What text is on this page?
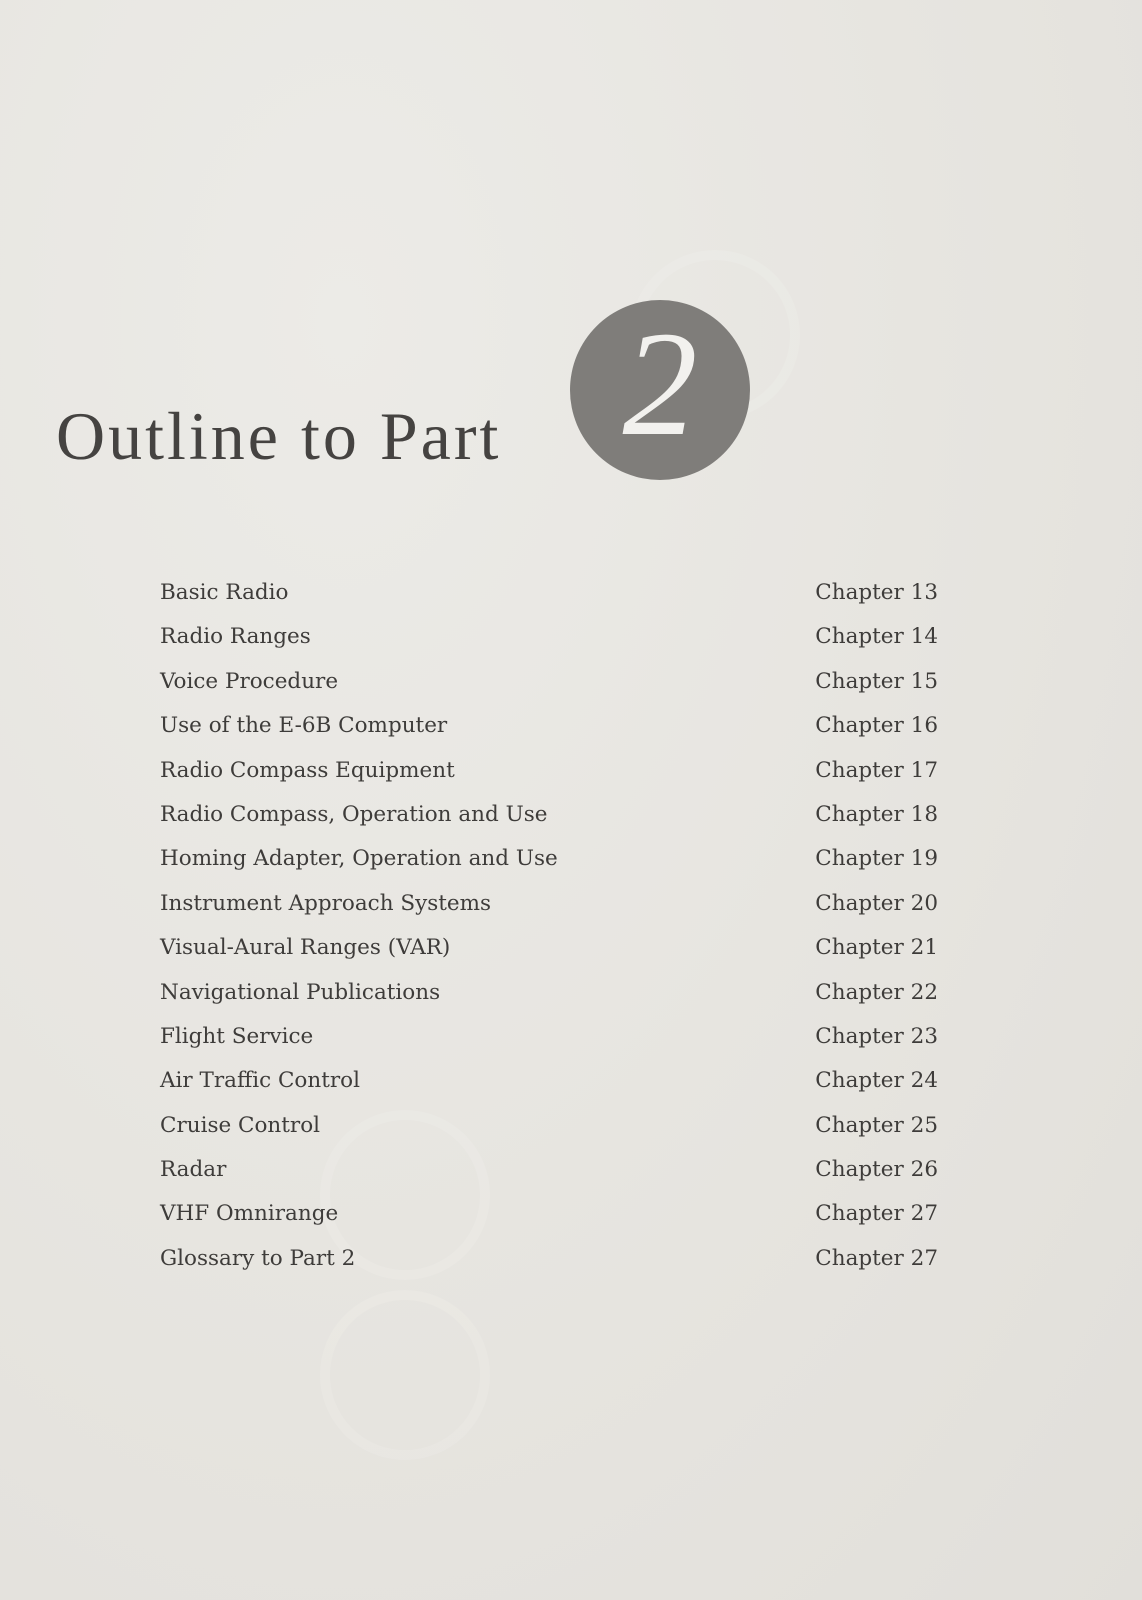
Outline to Part 2
Basic Radio	Chapter 13
Radio Ranges	Chapter 14
Voice Procedure	Chapter 15
Use of the E-6B Computer	Chapter 16
Radio Compass Equipment	Chapter 17
Radio Compass, Operation and Use	Chapter 18
Homing Adapter, Operation and Use	Chapter 19
Instrument Approach Systems	Chapter 20
Visual-Aural Ranges (VAR)	Chapter 21
Navigational Publications	Chapter 22
Flight Service	Chapter 23
Air Traffic Control	Chapter 24
Cruise Control	Chapter 25
Radar	Chapter 26
VHF Omnirange	Chapter 27
Glossary to Part 2	Chapter 27
